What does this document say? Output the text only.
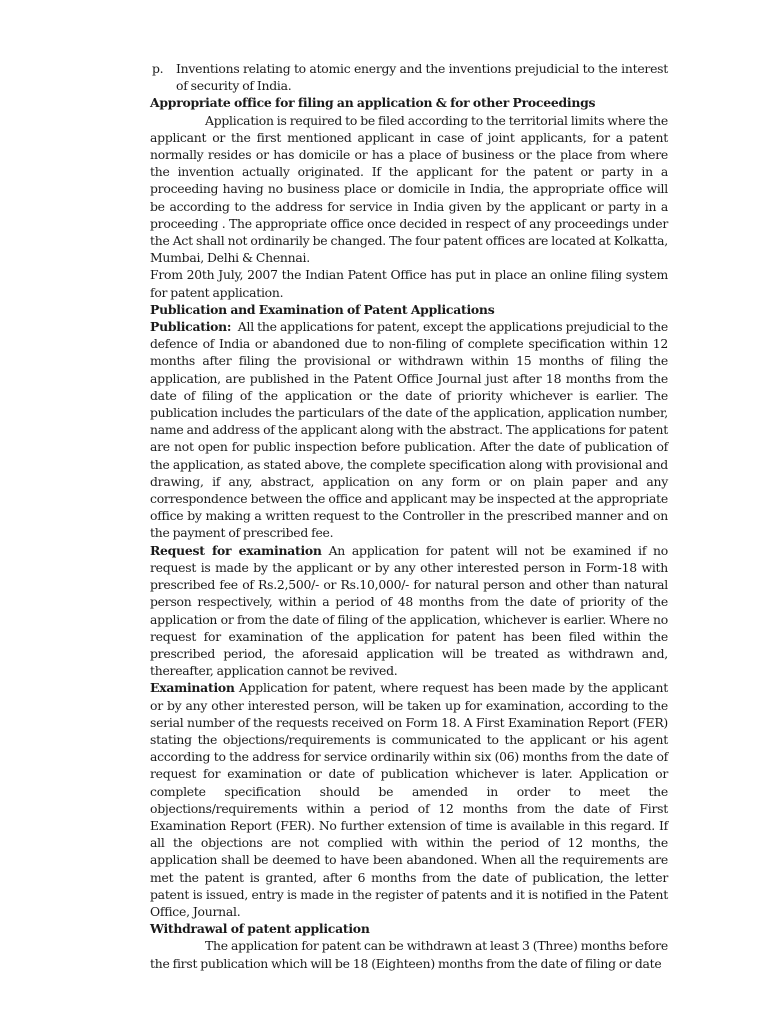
p.	Inventions relating to atomic energy and the inventions prejudicial to the interest of security of India.

Appropriate office for filing an application & for other Proceedings

Application is required to be filed according to the territorial limits where the applicant or the first mentioned applicant in case of joint applicants, for a patent normally resides or has domicile or has a place of business or the place from where the invention actually originated. If the applicant for the patent or party in a proceeding having no business place or domicile in India, the appropriate office will be according to the address for service in India given by the applicant or party in a proceeding . The appropriate office once decided in respect of any proceedings under the Act shall not ordinarily be changed. The four patent offices are located at Kolkatta, Mumbai, Delhi & Chennai.

From 20th July, 2007 the Indian Patent Office has put in place an online filing system for patent application.

Publication and Examination of Patent Applications

Publication: All the applications for patent, except the applications prejudicial to the defence of India or abandoned due to non-filing of complete specification within 12 months after filing the provisional or withdrawn within 15 months of filing the application, are published in the Patent Office Journal just after 18 months from the date of filing of the application or the date of priority whichever is earlier. The publication includes the particulars of the date of the application, application number, name and address of the applicant along with the abstract. The applications for patent are not open for public inspection before publication. After the date of publication of the application, as stated above, the complete specification along with provisional and drawing, if any, abstract, application on any form or on plain paper and any correspondence between the office and applicant may be inspected at the appropriate office by making a written request to the Controller in the prescribed manner and on the payment of prescribed fee.

Request for examination An application for patent will not be examined if no request is made by the applicant or by any other interested person in Form-18 with prescribed fee of Rs.2,500/- or Rs.10,000/- for natural person and other than natural person respectively, within a period of 48 months from the date of priority of the application or from the date of filing of the application, whichever is earlier. Where no request for examination of the application for patent has been filed within the prescribed period, the aforesaid application will be treated as withdrawn and, thereafter, application cannot be revived.

Examination Application for patent, where request has been made by the applicant or by any other interested person, will be taken up for examination, according to the serial number of the requests received on Form 18. A First Examination Report (FER) stating the objections/requirements is communicated to the applicant or his agent according to the address for service ordinarily within six (06) months from the date of request for examination or date of publication whichever is later. Application or complete specification should be amended in order to meet the objections/requirements within a period of 12 months from the date of First Examination Report (FER). No further extension of time is available in this regard. If all the objections are not complied with within the period of 12 months, the application shall be deemed to have been abandoned. When all the requirements are met the patent is granted, after 6 months from the date of publication, the letter patent is issued, entry is made in the register of patents and it is notified in the Patent Office, Journal.

Withdrawal of patent application

The application for patent can be withdrawn at least 3 (Three) months before the first publication which will be 18 (Eighteen) months from the date of filing or date
